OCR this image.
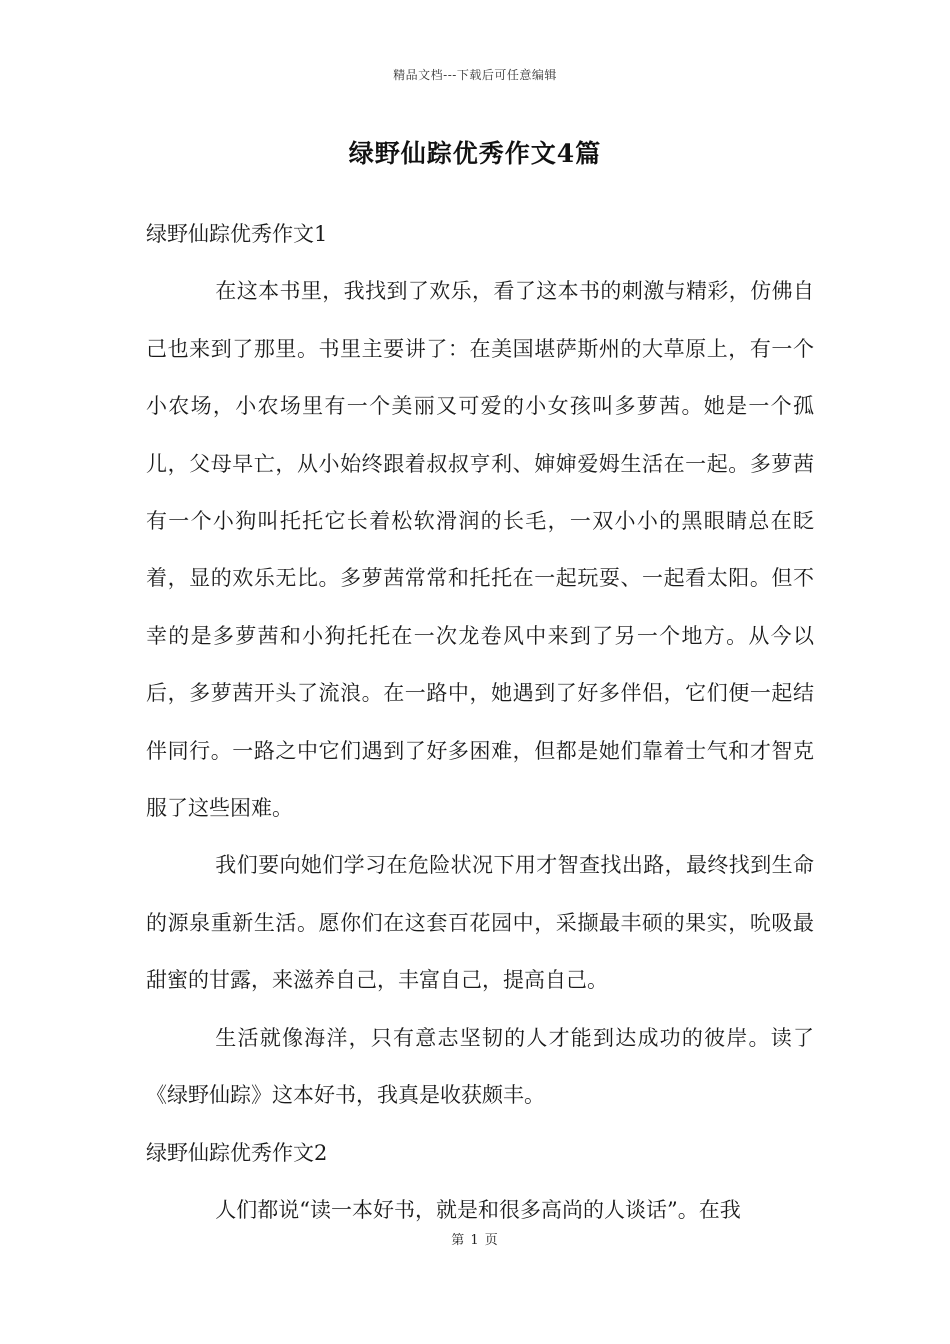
精品文档---下载后可任意编辑
绿野仙踪优秀作文4篇

绿野仙踪优秀作文1

在这本书里，我找到了欢乐，看了这本书的刺激与精彩，仿佛自己也来到了那里。书里主要讲了：在美国堪萨斯州的大草原上，有一个小农场，小农场里有一个美丽又可爱的小女孩叫多萝茜。她是一个孤儿，父母早亡，从小始终跟着叔叔亨利、婶婶爱姆生活在一起。多萝茜有一个小狗叫托托它长着松软滑润的长毛，一双小小的黑眼睛总在眨着，显的欢乐无比。多萝茜常常和托托在一起玩耍、一起看太阳。但不幸的是多萝茜和小狗托托在一次龙卷风中来到了另一个地方。从今以后，多萝茜开头了流浪。在一路中，她遇到了好多伴侣，它们便一起结伴同行。一路之中它们遇到了好多困难，但都是她们靠着士气和才智克服了这些困难。

我们要向她们学习在危险状况下用才智查找出路，最终找到生命的源泉重新生活。愿你们在这套百花园中，采撷最丰硕的果实，吮吸最甜蜜的甘露，来滋养自己，丰富自己，提高自己。

生活就像海洋，只有意志坚韧的人才能到达成功的彼岸。读了《绿野仙踪》这本好书，我真是收获颇丰。

绿野仙踪优秀作文2

人们都说“读一本好书，就是和很多高尚的人谈话”。在我

第 1 页
